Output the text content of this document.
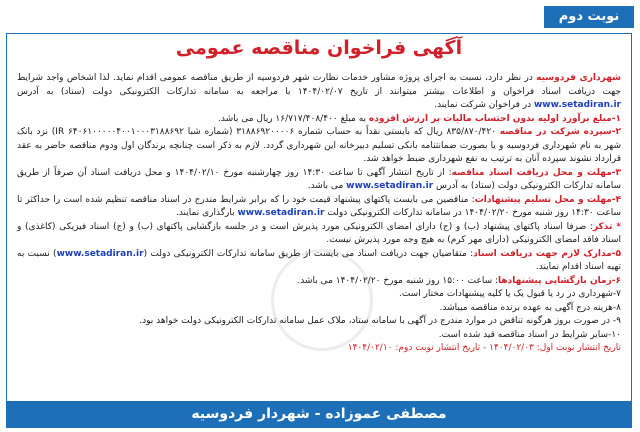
نوبت دوم
آگهی فراخوان مناقصه عمومی

شهرداری فردوسیه در نظر دارد، نسبت به اجرای پروژه مشاور خدمات نظارت شهر فردوسیه از طریق مناقصه عمومی اقدام نماید. لذا اشخاص واجد شرایط جهت دریافت اسناد فراخوان و اطلاعات بیشتر میتوانند از تاریخ ۱۴۰۴/۰۲/۰۷ با مراجعه به سامانه تدارکات الکترونیکی دولت (ستاد) به آدرس www.setadiran.ir در فراخوان شرکت نمایند.

۱-مبلغ برآورد اولیه بدون احتساب مالیات بر ارزش افزوده به مبلغ ۱۶/۷۱۷/۴۰۸/۴۰۰ ریال می باشد.

۲-سپرده شرکت در مناقصه ۸۳۵/۸۷۰/۴۲۰ ریال که بایستی نقداً به حساب شماره ۳۱۸۸۶۹۲۰۰۰۰۶ (شماره شبا IR ۶۴۰۶۱۰۰۰۰۰۴۰۰۱۰۰۰۳۱۸۸۶۹۲) نزد بانک شهر به نام شهرداری فردوسیه و یا بصورت ضمانتنامه بانکی تسلیم دبیرخانه این شهرداری گردد. لازم به ذکر است چنانچه برندگان اول ودوم مناقصه حاضر به عقد قرارداد نشوند سپرده آنان به ترتیب به نفع شهرداری ضبط خواهد شد.

۳-مهلت و محل دریافت اسناد مناقصه: از تاریخ انتشار آگهی تا ساعت ۱۴:۳۰ روز چهارشنبه مورخ ۱۴۰۴/۰۲/۱۰ و محل دریافت اسناد آن صرفاً از طریق سامانه تدارکات الکترونیکی دولت (ستاد) به آدرس www.setadiran.ir می باشد.

۴-مهلت و محل تسلیم پیشنهادات: مناقصین می بایست پاکتهای پیشنهاد قیمت خود را که برابر شرایط مندرج در اسناد مناقصه تنظیم شده است را حداکثر تا ساعت ۱۴:۳۰ روز شنبه مورخ ۱۴۰۴/۰۲/۲۰ در سامانه تدارکات الکترونیکی دولت www.setadiran.ir بارگذاری نمایند.

* تذکر: صرفا اسناد پاکتهای پیشنهاد (ب) و (ج) دارای امضای الکترونیکی مورد پذیرش است و در جلسه بازگشایی پاکتهای (ب) و (ج) اسناد فیزیکی (کاغذی) و اسناد فاقد امضای الکترونیکی (دارای مهر کرم) به هیچ وجه مورد پذیرش نیست.

۵-مدارک لازم جهت دریافت اسناد: متقاضیان جهت دریافت اسناد می بایست از طریق سامانه تدارکات الکترونیکی دولت (www.setadiran.ir) نسبت به تهیه اسناد اقدام نمایند.

۶-زمان بازگشایی پیشنهادها: ساعت ۱۵:۰۰ روز شنبه مورخ ۱۴۰۴/۰۲/۲۰ می باشد.

۷-شهرداری در رد یا قبول یک یا کلیه پیشنهادات مختار است.

۸-هزینه درج آگهی به عهده برنده مناقصه میباشد.

۹- در صورت بروز هرگونه تناقض در موارد مندرج در آگهی با سامانه ستاد، ملاک عمل سامانه تدارکات الکترونیکی دولت خواهد بود.

۱۰-سایر شرایط در اسناد مناقصه قید شده است.

تاریخ انتشار نوبت اول: ۱۴۰۴/۰۲/۰۳ - تاریخ انتشار نوبت دوم: ۱۴۰۴/۰۲/۱۰

مصطفی عموزاده - شهردار فردوسیه
